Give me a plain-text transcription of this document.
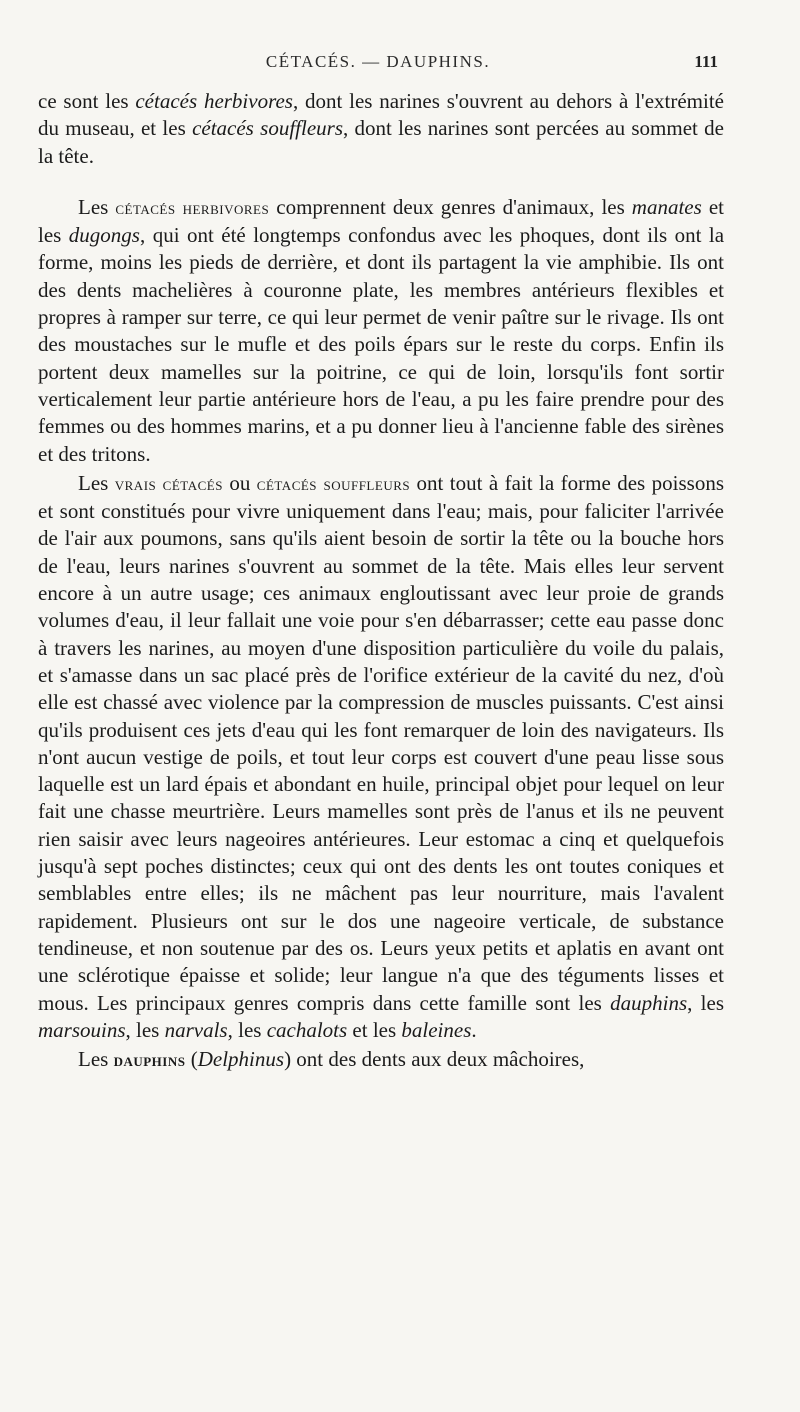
CÉTACÉS. — DAUPHINS.	111

ce sont les cétacés herbivores, dont les narines s'ouvrent au dehors à l'extrémité du museau, et les cétacés souffleurs, dont les narines sont percées au sommet de la tête.

Les cétacés herbivores comprennent deux genres d'animaux, les manates et les dugongs, qui ont été longtemps confondus avec les phoques, dont ils ont la forme, moins les pieds de derrière, et dont ils partagent la vie amphibie. Ils ont des dents machelières à couronne plate, les membres antérieurs flexibles et propres à ramper sur terre, ce qui leur permet de venir paître sur le rivage. Ils ont des moustaches sur le mufle et des poils épars sur le reste du corps. Enfin ils portent deux mamelles sur la poitrine, ce qui de loin, lorsqu'ils font sortir verticalement leur partie antérieure hors de l'eau, a pu les faire prendre pour des femmes ou des hommes marins, et a pu donner lieu à l'ancienne fable des sirènes et des tritons.

Les vrais cétacés ou cétacés souffleurs ont tout à fait la forme des poissons et sont constitués pour vivre uniquement dans l'eau; mais, pour faliciter l'arrivée de l'air aux poumons, sans qu'ils aient besoin de sortir la tête ou la bouche hors de l'eau, leurs narines s'ouvrent au sommet de la tête. Mais elles leur servent encore à un autre usage; ces animaux engloutissant avec leur proie de grands volumes d'eau, il leur fallait une voie pour s'en débarrasser; cette eau passe donc à travers les narines, au moyen d'une disposition particulière du voile du palais, et s'amasse dans un sac placé près de l'orifice extérieur de la cavité du nez, d'où elle est chassé avec violence par la compression de muscles puissants. C'est ainsi qu'ils produisent ces jets d'eau qui les font remarquer de loin des navigateurs. Ils n'ont aucun vestige de poils, et tout leur corps est couvert d'une peau lisse sous laquelle est un lard épais et abondant en huile, principal objet pour lequel on leur fait une chasse meurtrière. Leurs mamelles sont près de l'anus et ils ne peuvent rien saisir avec leurs nageoires antérieures. Leur estomac a cinq et quelquefois jusqu'à sept poches distinctes; ceux qui ont des dents les ont toutes coniques et semblables entre elles; ils ne mâchent pas leur nourriture, mais l'avalent rapidement. Plusieurs ont sur le dos une nageoire verticale, de substance tendineuse, et non soutenue par des os. Leurs yeux petits et aplatis en avant ont une sclérotique épaisse et solide; leur langue n'a que des téguments lisses et mous. Les principaux genres compris dans cette famille sont les dauphins, les marsouins, les narvals, les cachalots et les baleines.

Les dauphins (Delphinus) ont des dents aux deux mâchoires,
